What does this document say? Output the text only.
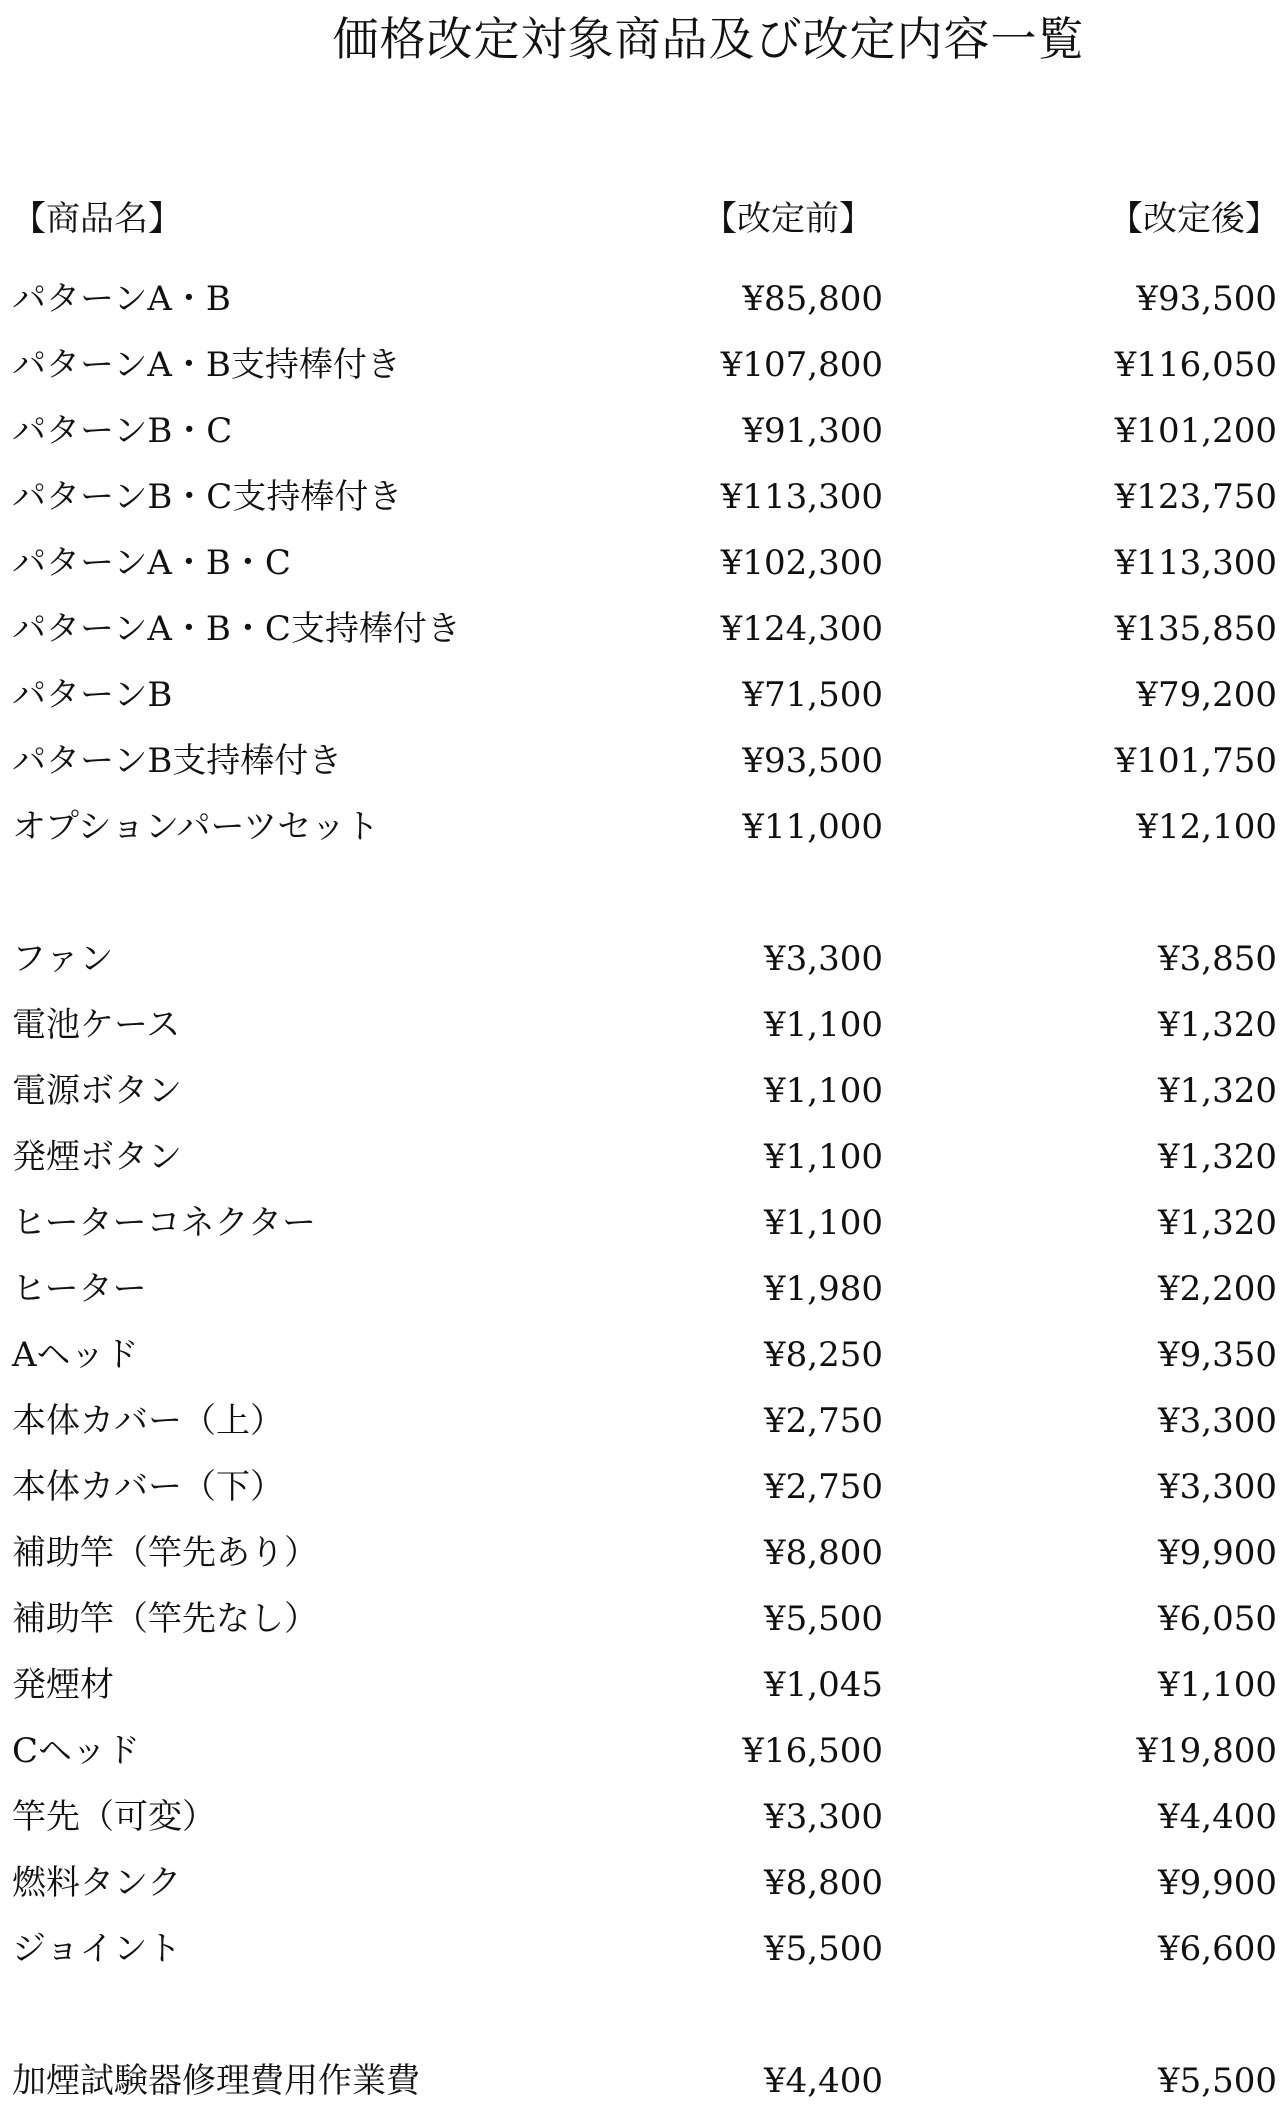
価格改定対象商品及び改定内容一覧
【商品名】	【改定前】	【改定後】
パターンA・B	¥85,800	¥93,500
パターンA・B支持棒付き	¥107,800	¥116,050
パターンB・C	¥91,300	¥101,200
パターンB・C支持棒付き	¥113,300	¥123,750
パターンA・B・C	¥102,300	¥113,300
パターンA・B・C支持棒付き	¥124,300	¥135,850
パターンB	¥71,500	¥79,200
パターンB支持棒付き	¥93,500	¥101,750
オプションパーツセット	¥11,000	¥12,100
ファン	¥3,300	¥3,850
電池ケース	¥1,100	¥1,320
電源ボタン	¥1,100	¥1,320
発煙ボタン	¥1,100	¥1,320
ヒーターコネクター	¥1,100	¥1,320
ヒーター	¥1,980	¥2,200
Aヘッド	¥8,250	¥9,350
本体カバー（上）	¥2,750	¥3,300
本体カバー（下）	¥2,750	¥3,300
補助竿（竿先あり）	¥8,800	¥9,900
補助竿（竿先なし）	¥5,500	¥6,050
発煙材	¥1,045	¥1,100
Cヘッド	¥16,500	¥19,800
竿先（可変）	¥3,300	¥4,400
燃料タンク	¥8,800	¥9,900
ジョイント	¥5,500	¥6,600
加煙試験器修理費用作業費	¥4,400	¥5,500
